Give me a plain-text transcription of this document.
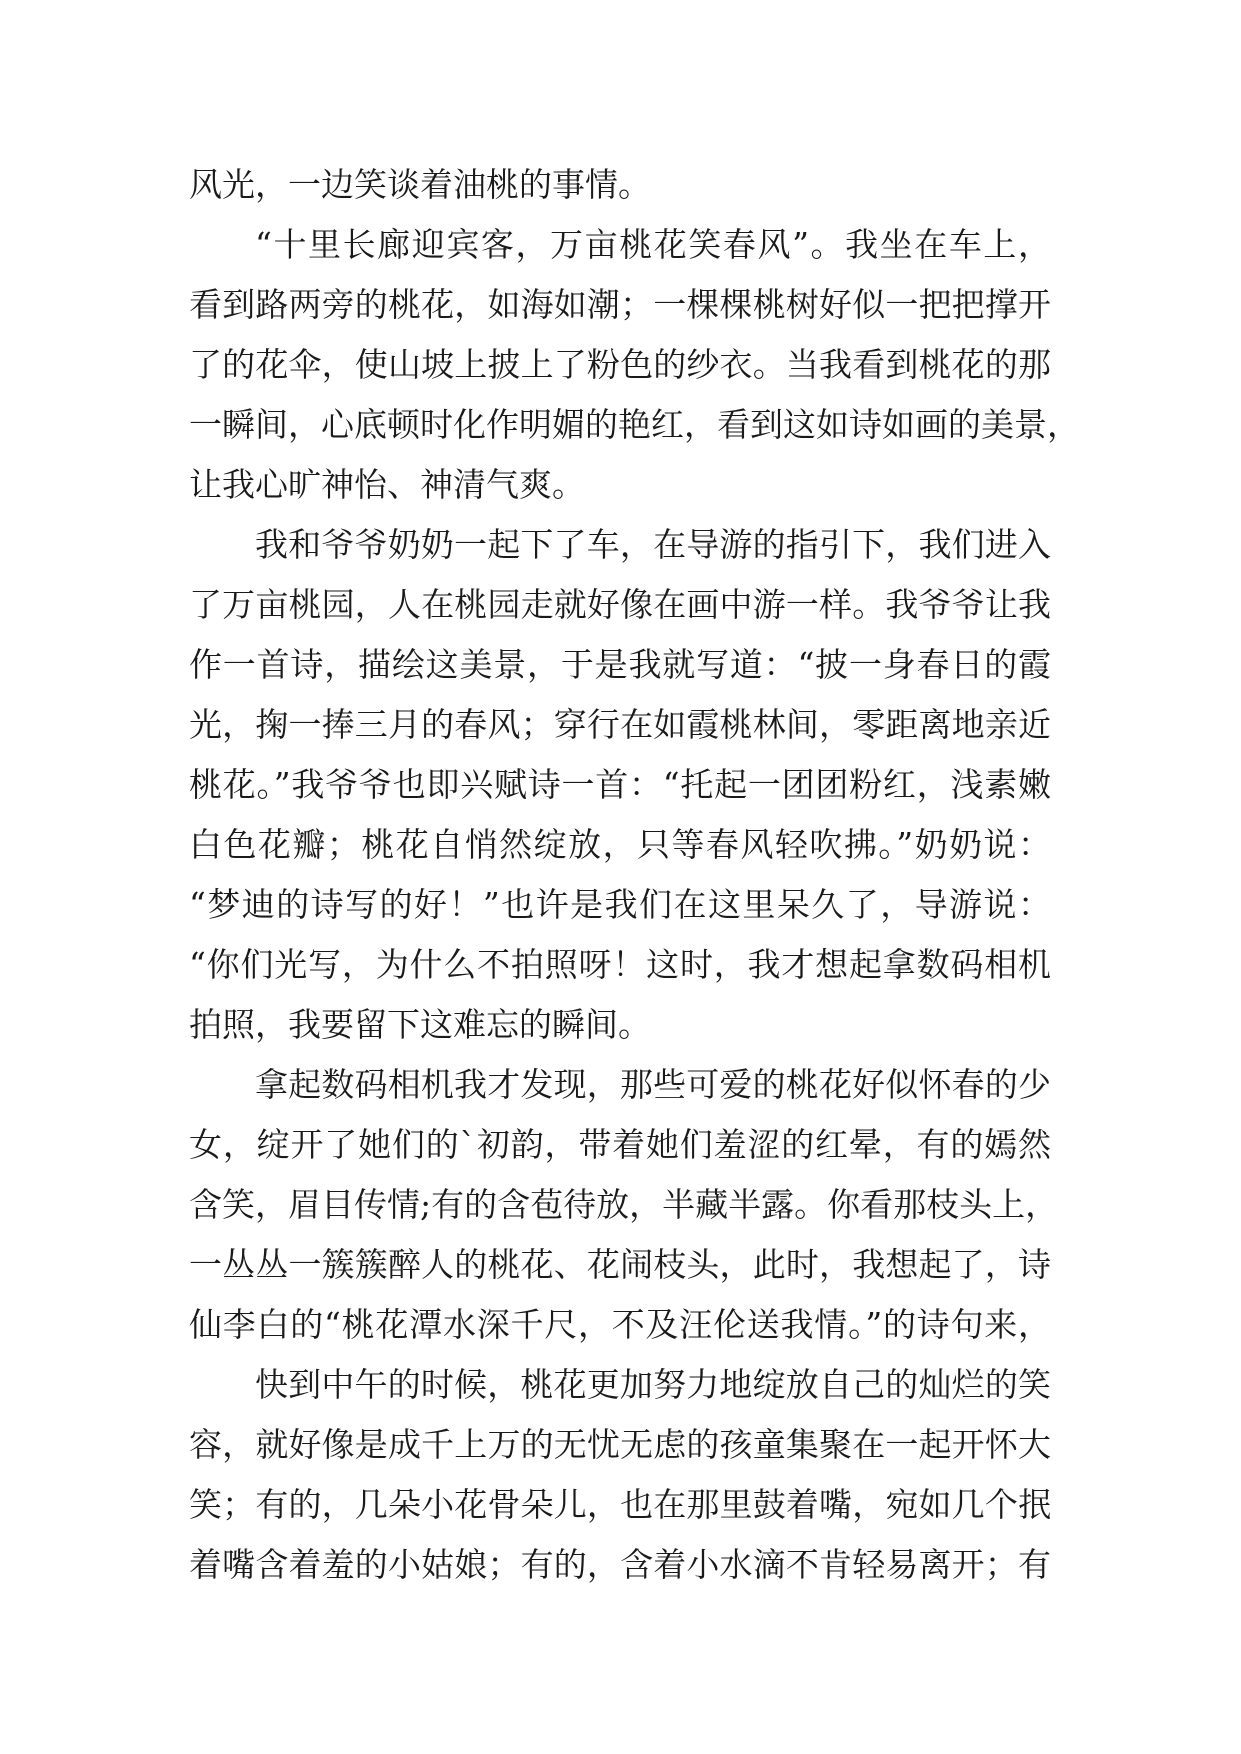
风光，一边笑谈着油桃的事情。
“十里长廊迎宾客，万亩桃花笑春风”。我坐在车上，
看到路两旁的桃花，如海如潮；一棵棵桃树好似一把把撑开
了的花伞，使山坡上披上了粉色的纱衣。当我看到桃花的那
一瞬间，心底顿时化作明媚的艳红，看到这如诗如画的美景，
让我心旷神怡、神清气爽。
我和爷爷奶奶一起下了车，在导游的指引下，我们进入
了万亩桃园，人在桃园走就好像在画中游一样。我爷爷让我
作一首诗，描绘这美景，于是我就写道：“披一身春日的霞
光，掬一捧三月的春风；穿行在如霞桃林间，零距离地亲近
桃花。”我爷爷也即兴赋诗一首：“托起一团团粉红，浅素嫩
白色花瓣；桃花自悄然绽放，只等春风轻吹拂。”奶奶说：
“梦迪的诗写的好！”也许是我们在这里呆久了，导游说：
“你们光写，为什么不拍照呀！这时，我才想起拿数码相机
拍照，我要留下这难忘的瞬间。
拿起数码相机我才发现，那些可爱的桃花好似怀春的少
女，绽开了她们的`初韵，带着她们羞涩的红晕，有的嫣然
含笑，眉目传情;有的含苞待放，半藏半露。你看那枝头上，
一丛丛一簇簇醉人的桃花、花闹枝头，此时，我想起了，诗
仙李白的“桃花潭水深千尺，不及汪伦送我情。”的诗句来，
快到中午的时候，桃花更加努力地绽放自己的灿烂的笑
容，就好像是成千上万的无忧无虑的孩童集聚在一起开怀大
笑；有的，几朵小花骨朵儿，也在那里鼓着嘴，宛如几个抿
着嘴含着羞的小姑娘；有的，含着小水滴不肯轻易离开；有
